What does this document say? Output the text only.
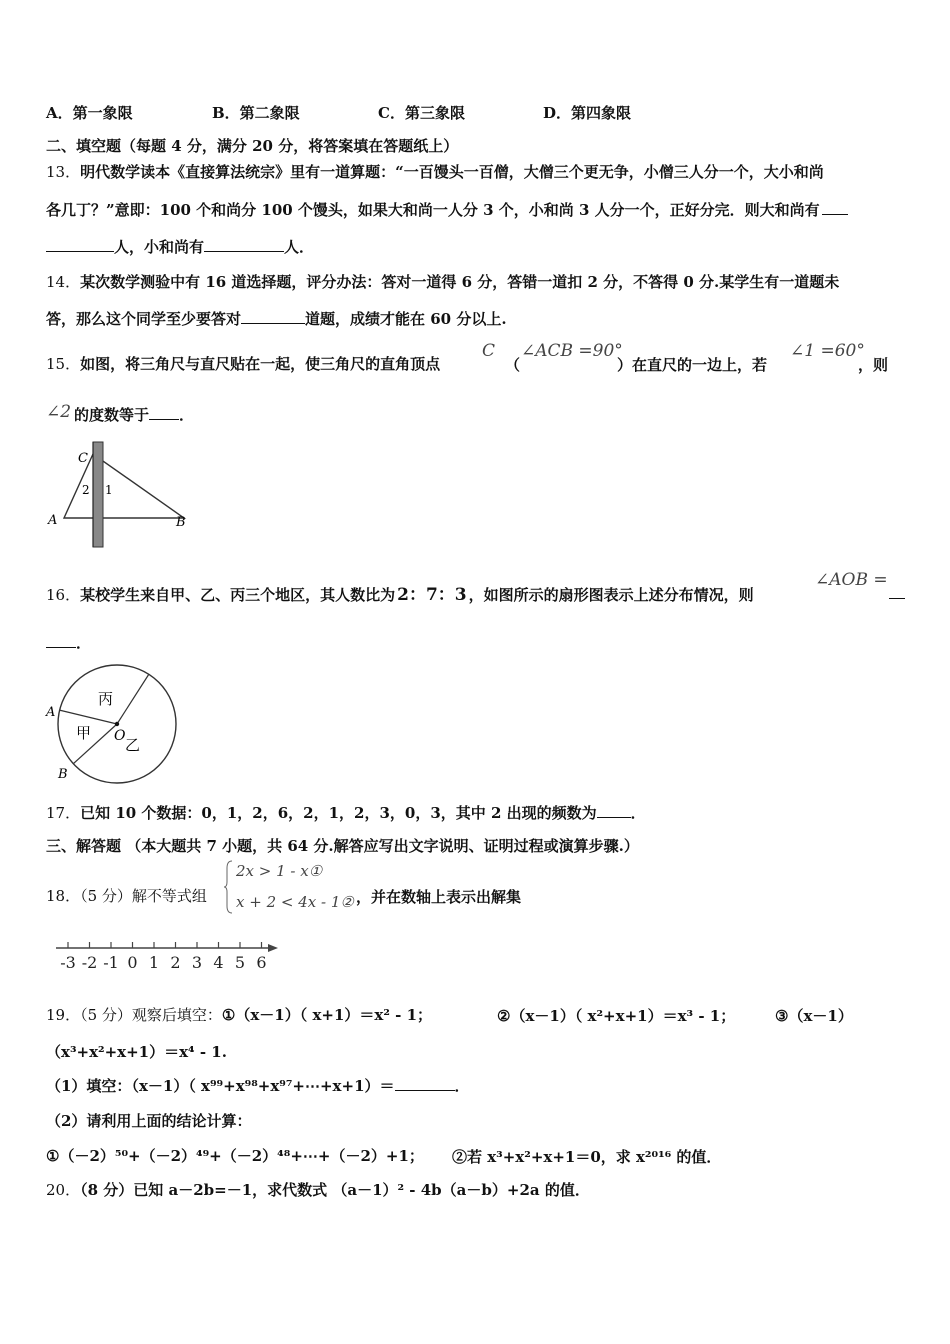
A．第一象限	B．第二象限	C．第三象限	D．第四象限
二、填空题（每题 4 分，满分 20 分，将答案填在答题纸上）
13．明代数学读本《直接算法统宗》里有一道算题：“一百馒头一百僧，大僧三个更无争，小僧三人分一个，大小和尚
各几丁？”意即：100 个和尚分 100 个馒头，如果大和尚一人分 3 个，小和尚 3 人分一个，正好分完．则大和尚有
人，小和尚有	人．
14．某次数学测验中有 16 道选择题，评分办法：答对一道得 6 分，答错一道扣 2 分，不答得 0 分.某学生有一道题未
答，那么这个同学至少要答对	道题，成绩才能在 60 分以上.
15．如图，将三角尺与直尺贴在一起，使三角尺的直角顶点
C
（
∠ACB =90°
）在直尺的一边上，若
∠1 =60°
，则
∠2 的度数等于 ．
C
A	B
2 1
16．某校学生来自甲、乙、丙三个地区，其人数比为 2：7：3 ，如图所示的扇形图表示上述分布情况，则
∠AOB =
．
丙
甲
乙
O
A
B
17．已知 10 个数据：0，1，2，6，2，1，2，3，0，3，其中 2 出现的频数为 ．
三、解答题 （本大题共 7 小题，共 64 分.解答应写出文字说明、证明过程或演算步骤.）
18．（5 分）解不等式组
2x > 1 - x①
x + 2 < 4x - 1② ，并在数轴上表示出解集
-3 -2 -1 0 1 2 3 4 5 6
19．（5 分）观察后填空：①（x－1）（ x+1）＝x² - 1；	②（x－1）（ x²+x+1）＝x³ - 1；	③（x－1）
（x³+x²+x+1）＝x⁴ - 1.
（1）填空：（x－1）（ x⁹⁹+x⁹⁸+x⁹⁷+⋯+x+1）＝	．
（2）请利用上面的结论计算：
①（－2）⁵⁰+（－2）⁴⁹+（－2）⁴⁸+⋯+（－2）+1； ②若 x³+x²+x+1＝0，求 x²⁰¹⁶ 的值．
20．（8 分）已知 a－2b=－1，求代数式 （a－1）² - 4b（a－b）+2a 的值．
